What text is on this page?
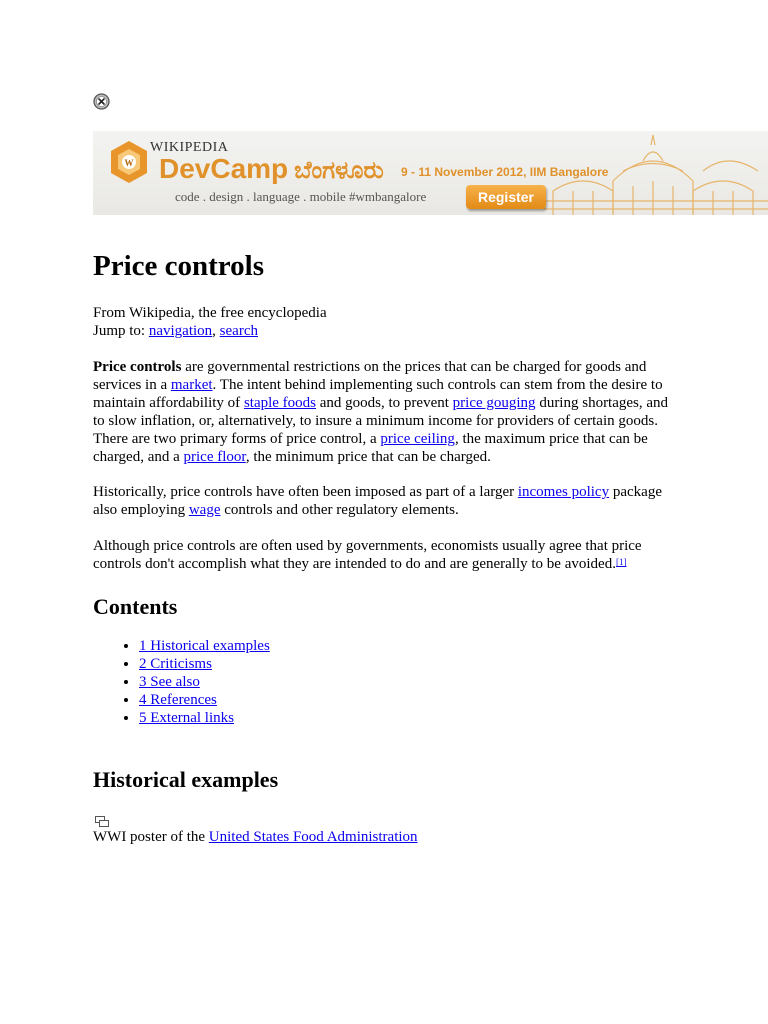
W
WIKIPEDIA
DevCamp ಬೆಂಗಳೂರು 9 - 11 November 2012, IIM Bangalore
code . design . language . mobile #wmbangalore	Register
Price controls
From Wikipedia, the free encyclopedia
Jump to: navigation, search
Price controls are governmental restrictions on the prices that can be charged for goods and services in a market. The intent behind implementing such controls can stem from the desire to maintain affordability of staple foods and goods, to prevent price gouging during shortages, and to slow inflation, or, alternatively, to insure a minimum income for providers of certain goods. There are two primary forms of price control, a price ceiling, the maximum price that can be charged, and a price floor, the minimum price that can be charged.
Historically, price controls have often been imposed as part of a larger incomes policy package also employing wage controls and other regulatory elements.
Although price controls are often used by governments, economists usually agree that price controls don't accomplish what they are intended to do and are generally to be avoided.[1]
Contents
• 1 Historical examples
• 2 Criticisms
• 3 See also
• 4 References
• 5 External links
Historical examples
WWI poster of the United States Food Administration
